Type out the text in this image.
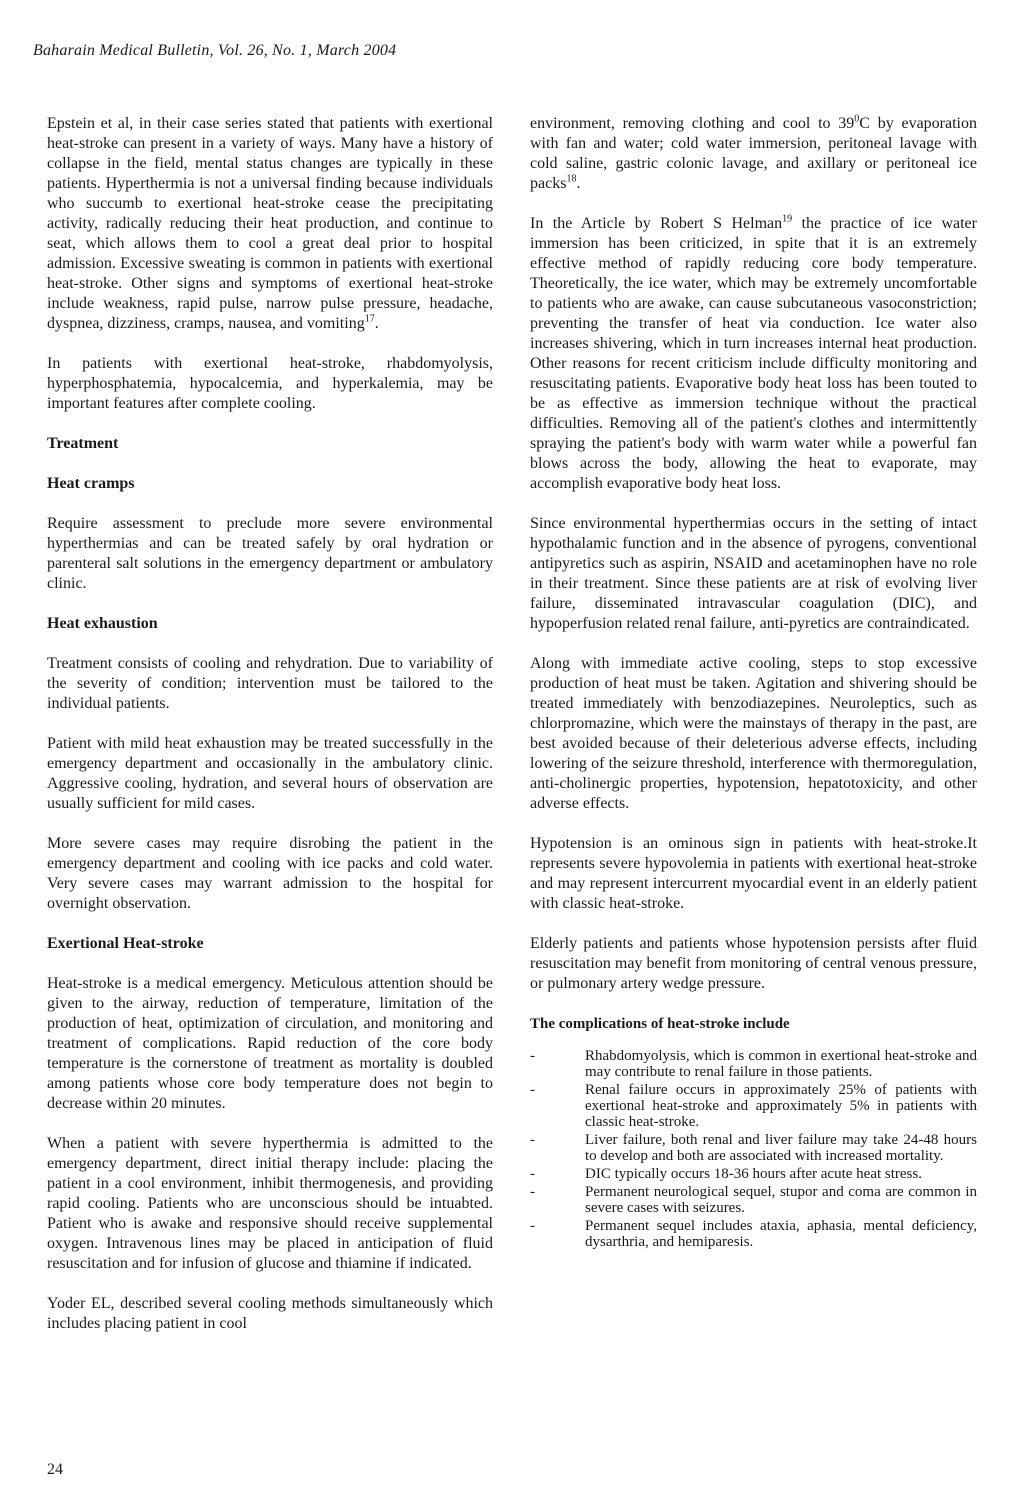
Baharain Medical Bulletin, Vol. 26, No. 1, March 2004

Epstein et al, in their case series stated that patients with exertional heat-stroke can present in a variety of ways. Many have a history of collapse in the field, mental status changes are typically in these patients. Hyperthermia is not a universal finding because individuals who succumb to exertional heat-stroke cease the precipitating activity, radically reducing their heat production, and continue to seat, which allows them to cool a great deal prior to hospital admission. Excessive sweating is common in patients with exertional heat-stroke. Other signs and symptoms of exertional heat-stroke include weakness, rapid pulse, narrow pulse pressure, headache, dyspnea, dizziness, cramps, nausea, and vomiting$^{17}$.

In patients with exertional heat-stroke, rhabdomyolysis, hyperphosphatemia, hypocalcemia, and hyperkalemia, may be important features after complete cooling.

Treatment
Heat cramps

Require assessment to preclude more severe environmental hyperthermias and can be treated safely by oral hydration or parenteral salt solutions in the emergency department or ambulatory clinic.

Heat exhaustion

Treatment consists of cooling and rehydration. Due to variability of the severity of condition; intervention must be tailored to the individual patients.

Patient with mild heat exhaustion may be treated successfully in the emergency department and occasionally in the ambulatory clinic. Aggressive cooling, hydration, and several hours of observation are usually sufficient for mild cases.

More severe cases may require disrobing the patient in the emergency department and cooling with ice packs and cold water. Very severe cases may warrant admission to the hospital for overnight observation.

Exertional Heat-stroke

Heat-stroke is a medical emergency. Meticulous attention should be given to the airway, reduction of temperature, limitation of the production of heat, optimization of circulation, and monitoring and treatment of complications. Rapid reduction of the core body temperature is the cornerstone of treatment as mortality is doubled among patients whose core body temperature does not begin to decrease within 20 minutes.

When a patient with severe hyperthermia is admitted to the emergency department, direct initial therapy include: placing the patient in a cool environment, inhibit thermogenesis, and providing rapid cooling. Patients who are unconscious should be intuabted. Patient who is awake and responsive should receive supplemental oxygen. Intravenous lines may be placed in anticipation of fluid resuscitation and for infusion of glucose and thiamine if indicated.

Yoder EL, described several cooling methods simultaneously which includes placing patient in cool

environment, removing clothing and cool to $39^0C$ by evaporation with fan and water; cold water immersion, peritoneal lavage with cold saline, gastric colonic lavage, and axillary or peritoneal ice packs$^{18}$.

In the Article by Robert S Helman$^{19}$ the practice of ice water immersion has been criticized, in spite that it is an extremely effective method of rapidly reducing core body temperature. Theoretically, the ice water, which may be extremely uncomfortable to patients who are awake, can cause subcutaneous vasoconstriction; preventing the transfer of heat via conduction. Ice water also increases shivering, which in turn increases internal heat production. Other reasons for recent criticism include difficulty monitoring and resuscitating patients. Evaporative body heat loss has been touted to be as effective as immersion technique without the practical difficulties. Removing all of the patient's clothes and intermittently spraying the patient's body with warm water while a powerful fan blows across the body, allowing the heat to evaporate, may accomplish evaporative body heat loss.

Since environmental hyperthermias occurs in the setting of intact hypothalamic function and in the absence of pyrogens, conventional antipyretics such as aspirin, NSAID and acetaminophen have no role in their treatment. Since these patients are at risk of evolving liver failure, disseminated intravascular coagulation (DIC), and hypoperfusion related renal failure, anti-pyretics are contraindicated.

Along with immediate active cooling, steps to stop excessive production of heat must be taken. Agitation and shivering should be treated immediately with benzodiazepines. Neuroleptics, such as chlorpromazine, which were the mainstays of therapy in the past, are best avoided because of their deleterious adverse effects, including lowering of the seizure threshold, interference with thermoregulation, anti-cholinergic properties, hypotension, hepatotoxicity, and other adverse effects.

Hypotension is an ominous sign in patients with heat-stroke.It represents severe hypovolemia in patients with exertional heat-stroke and may represent intercurrent myocardial event in an elderly patient with classic heat-stroke.

Elderly patients and patients whose hypotension persists after fluid resuscitation may benefit from monitoring of central venous pressure, or pulmonary artery wedge pressure.

The complications of heat-stroke include
-	Rhabdomyolysis, which is common in exertional heat-stroke and may contribute to renal failure in those patients.
-	Renal failure occurs in approximately 25% of patients with exertional heat-stroke and approximately 5% in patients with classic heat-stroke.
-	Liver failure, both renal and liver failure may take 24-48 hours to develop and both are associated with increased mortality.
-	DIC typically occurs 18-36 hours after acute heat stress.
-	Permanent neurological sequel, stupor and coma are common in severe cases with seizures.
-	Permanent sequel includes ataxia, aphasia, mental deficiency, dysarthria, and hemiparesis.
24
